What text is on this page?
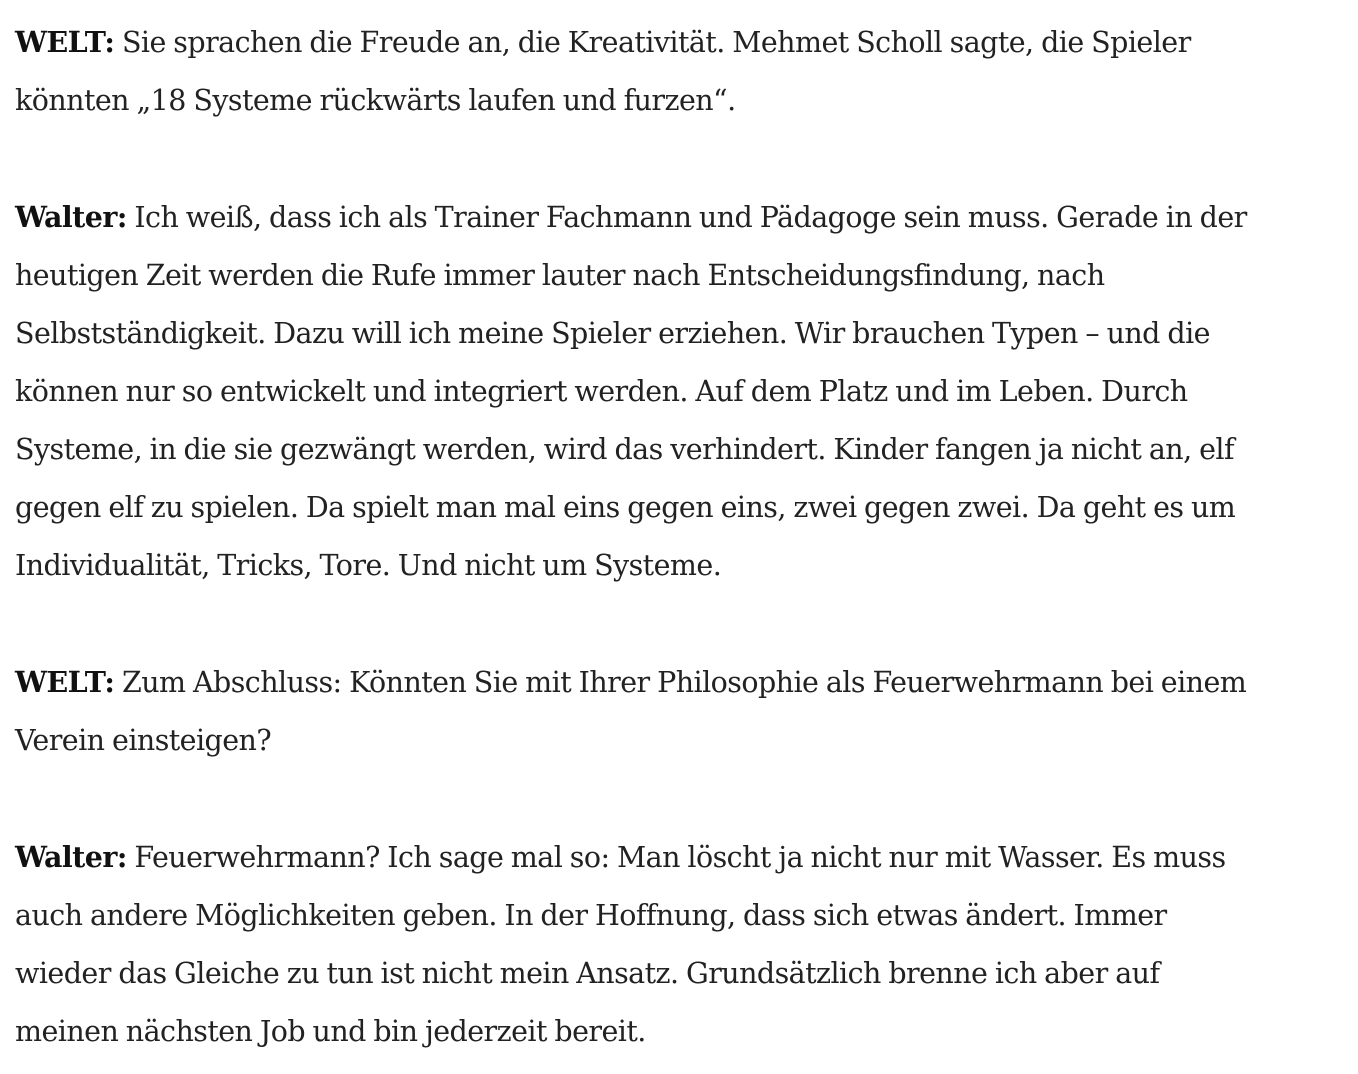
WELT: Sie sprachen die Freude an, die Kreativität. Mehmet Scholl sagte, die Spieler könnten „18 Systeme rückwärts laufen und furzen“.

Walter: Ich weiß, dass ich als Trainer Fachmann und Pädagoge sein muss. Gerade in der heutigen Zeit werden die Rufe immer lauter nach Entscheidungsfindung, nach Selbstständigkeit. Dazu will ich meine Spieler erziehen. Wir brauchen Typen – und die können nur so entwickelt und integriert werden. Auf dem Platz und im Leben. Durch Systeme, in die sie gezwängt werden, wird das verhindert. Kinder fangen ja nicht an, elf gegen elf zu spielen. Da spielt man mal eins gegen eins, zwei gegen zwei. Da geht es um Individualität, Tricks, Tore. Und nicht um Systeme.

WELT: Zum Abschluss: Könnten Sie mit Ihrer Philosophie als Feuerwehrmann bei einem Verein einsteigen?

Walter: Feuerwehrmann? Ich sage mal so: Man löscht ja nicht nur mit Wasser. Es muss auch andere Möglichkeiten geben. In der Hoffnung, dass sich etwas ändert. Immer wieder das Gleiche zu tun ist nicht mein Ansatz. Grundsätzlich brenne ich aber auf meinen nächsten Job und bin jederzeit bereit.
